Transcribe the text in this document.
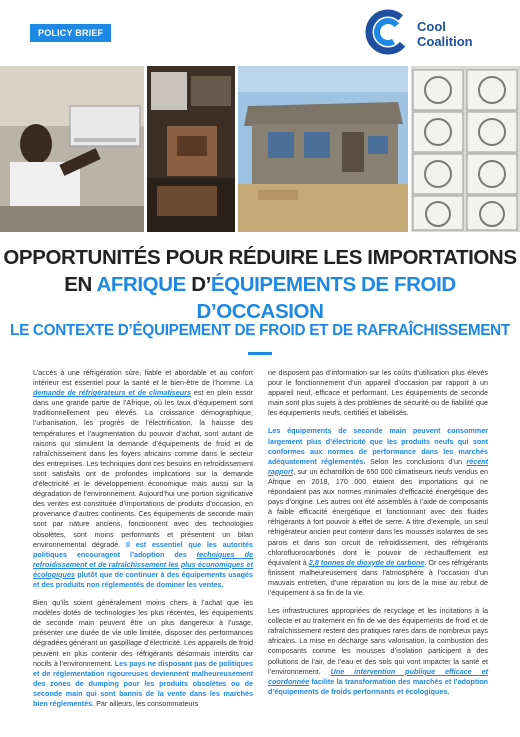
POLICY BRIEF	Cool
Coalition
OPPORTUNITÉS POUR RÉDUIRE LES IMPORTATIONS
EN AFRIQUE D’ÉQUIPEMENTS DE FROID D’OCCASION
LE CONTEXTE D’ÉQUIPEMENT DE FROID ET DE RAFRAÎCHISSEMENT

L’accès à une réfrigération sûre, fiable et abordable et au confort intérieur est essentiel pour la santé et le bien-être de l’homme. La demande de réfrigérateurs et de climatiseurs est en plein essor dans une grande partie de l’Afrique, où les taux d’équipement sont traditionnellement peu élevés. La croissance démographique, l’urbanisation, les progrès de l’électrification, la hausse des températures et l’augmentation du pouvoir d’achat, sont autant de raisons qui stimulent la demande d’équipements de froid et de rafraîchissement dans les foyers africains comme dans le secteur des entreprises. Les techniques dont ces besoins en refroidissement sont satisfaits ont de profondes implications sur la demande d’électricité et le développement économique mais aussi sur la dégradation de l’environnement. Aujourd’hui une portion significative des ventes est constituée d’importations de produits d’occasion, en provenance d’autres continents. Ces équipements de seconde main sont par nature anciens, fonctionnent avec des technologies obsolètes, sont moins performants et présentent un bilan environnemental dégradé. Il est essentiel que les autorités politiques encouragent l’adoption des techniques de refroidissement et de rafraîchissement les plus économiques et écologiques plutôt que de continuer à des équipements usagés et des produits non réglementés de dominer les ventes.

Bien qu’ils soient généralement moins chers à l’achat que les modèles dotés de technologies les plus récentes, les équipements de seconde main peuvent être un plus dangereux à l’usage, présenter une durée de vie utile limitée, disposer des performances dégradées générant un gaspillage d’électricité. Les appareils de froid peuvent en plus contenir des réfrigérants désormais interdits car nocifs à l’environnement. Les pays ne disposant pas de politiques et de réglementation rigoureuses deviennent malheureusement des zones de dumping pour les produits obsolètes ou de seconde main qui sont bannis de la vente dans les marchés bien réglementés. Par ailleurs, les consommateurs

ne disposent pas d’information sur les coûts d’utilisation plus élevés pour le fonctionnement d’un appareil d’occasion par rapport à un appareil neuf, efficace et performant. Les équipements de seconde main sont plus sujets à des problèmes de sécurité ou de fiabilité que les équipements neufs, certifiés et labélisés.

Les équipements de seconde main peuvent consommer largement plus d’électricité que les produits neufs qui sont conformes aux normes de performance dans les marchés adéquatement réglementés. Selon les conclusions d’un récent rapport, sur un échantillon de 650 000 climatiseurs neufs vendus en Afrique en 2018, 170 000 étaient des importations qui ne répondaient pas aux normes minimales d’efficacité énergétique des pays d’origine. Les autres ont été assemblés à l’aide de composants à faible efficacité énergétique et fonctionnant avec des fluides réfrigérants à fort pouvoir à effet de serre. A titre d’exemple, un seul réfrigérateur ancien peut contenir dans les mousses isolantes de ses parois et dans son circuit de refroidissement, des réfrigérants chlorofluorocarbonés dont le pouvoir de réchauffement est équivalent à 2,8 tonnes de dioxyde de carbone. Or ces réfrigérants finissent malheureusement dans l’atmosphère à l’occasion d’un mauvais entretien, d’une réparation ou lors de la mise au rebut de l’équipement à sa fin de la vie.

Les infrastructures appropriées de recyclage et les incitations à la collecte et au traitement en fin de vie des équipements de froid et de rafraîchissement restent des pratiques rares dans de nombreux pays africains. La mise en décharge sans valorisation, la combustion des composants comme les mousses d’isolation participent à des pollutions de l’air, de l’eau et des sols qui vont impacter la santé et l’environnement. Une intervention publique efficace et coordonnée facilite la transformation des marchés et l’adoption d’équipements de froids performants et écologiques.
